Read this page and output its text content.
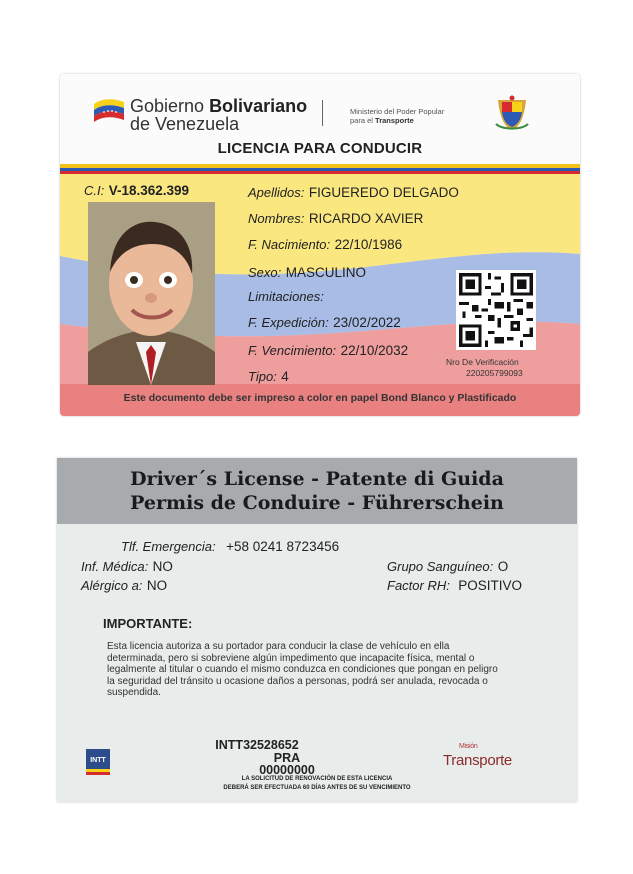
Gobierno Bolivariano
de Venezuela
Ministerio del Poder Popular
para el Transporte
LICENCIA PARA CONDUCIR
C.I: V-18.362.399	Apellidos: FIGUEREDO DELGADO
Nombres: RICARDO XAVIER
F. Nacimiento: 22/10/1986
Sexo: MASCULINO
Limitaciones:
F. Expedición: 23/02/2022
F. Vencimiento: 22/10/2032
Tipo: 4
Nro De Verificación
220205799093
Este documento debe ser impreso a color en papel Bond Blanco y Plastificado
Driver´s License - Patente di Guida
Permis de Conduire - Führerschein
Tlf. Emergencia: +58 0241 8723456
Inf. Médica: NO
Alérgico a: NO
Grupo Sanguíneo: O
Factor RH: POSITIVO
IMPORTANTE:
Esta licencia autoriza a su portador para conducir la clase de vehículo en ella determinada, pero si sobreviene algún impedimento que incapacite física, mental o legalmente al titular o cuando el mismo conduzca en condiciones que pongan en peligro la seguridad del tránsito u ocasione daños a personas, podrá ser anulada, revocada o suspendida.
INTT32528652
PRA
00000000
LA SOLICITUD DE RENOVACIÓN DE ESTA LICENCIA
DEBERÁ SER EFECTUADA 60 DÍAS ANTES DE SU VENCIMIENTO
INTT
Misión
Transporte
